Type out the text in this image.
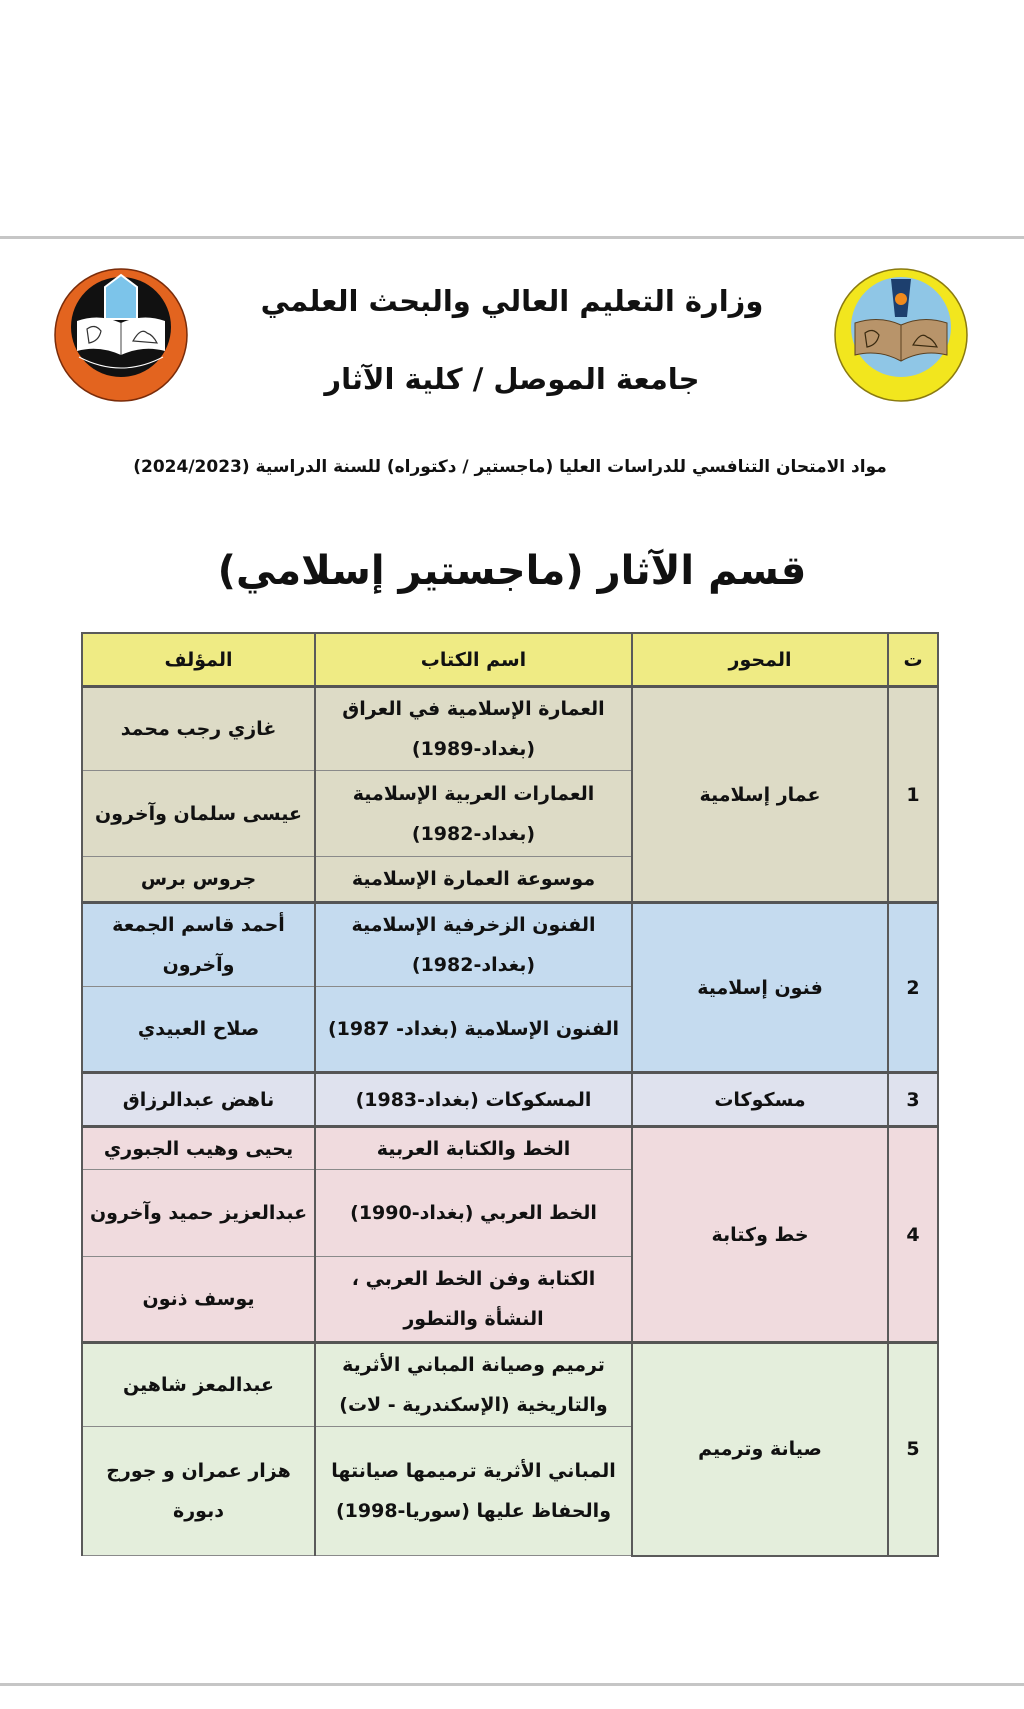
وزارة التعليم العالي والبحث العلمي
جامعة الموصل / كلية الآثار
مواد الامتحان التنافسي للدراسات العليا (ماجستير / دكتوراه) للسنة الدراسية (2024/2023)
قسم الآثار (ماجستير إسلامي)
ت	المحور	اسم الكتاب	المؤلف
1	عمار إسلامية	العمارة الإسلامية في العراق (بغداد-1989)	غازي رجب محمد
		العمارات العربية الإسلامية (بغداد-1982)	عيسى سلمان وآخرون
		موسوعة العمارة الإسلامية	جروس برس
2	فنون إسلامية	الفنون الزخرفية الإسلامية (بغداد-1982)	أحمد قاسم الجمعة وآخرون
		الفنون الإسلامية (بغداد- 1987)	صلاح العبيدي
3	مسكوكات	المسكوكات (بغداد-1983)	ناهض عبدالرزاق
4	خط وكتابة	الخط والكتابة العربية	يحيى وهيب الجبوري
		الخط العربي (بغداد-1990)	عبدالعزيز حميد وآخرون
		الكتابة وفن الخط العربي ، النشأة والتطور	يوسف ذنون
5	صيانة وترميم	ترميم وصيانة المباني الأثرية والتاريخية (الإسكندرية - لات)	عبدالمعز شاهين
		المباني الأثرية ترميمها صيانتها والحفاظ عليها (سوريا-1998)	هزار عمران و جورج دبورة
